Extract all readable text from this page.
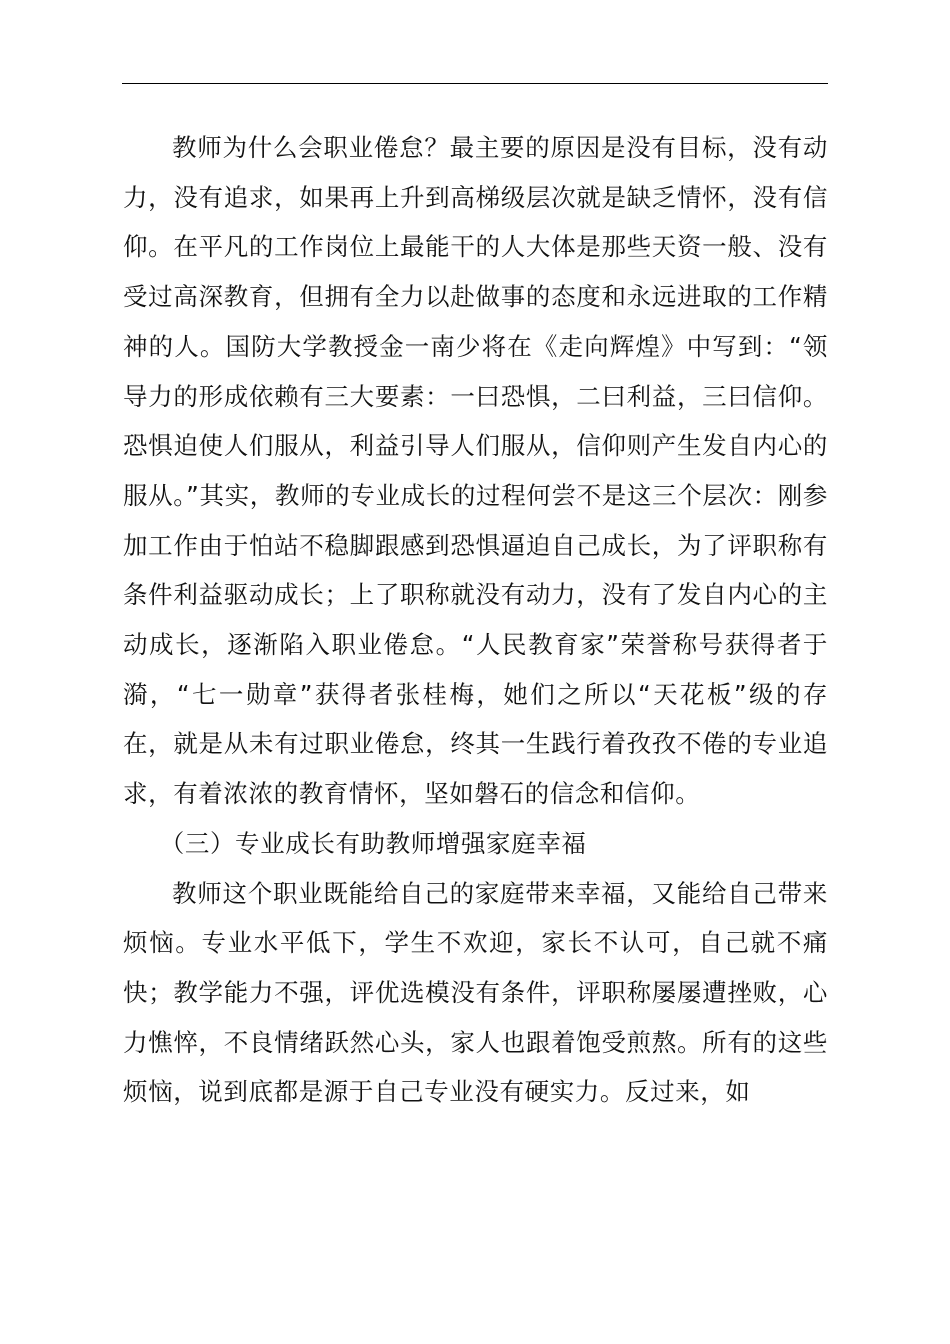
教师为什么会职业倦怠？最主要的原因是没有目标，没有动力，没有追求，如果再上升到高梯级层次就是缺乏情怀，没有信仰。在平凡的工作岗位上最能干的人大体是那些天资一般、没有受过高深教育，但拥有全力以赴做事的态度和永远进取的工作精神的人。国防大学教授金一南少将在《走向辉煌》中写到：“领导力的形成依赖有三大要素：一曰恐惧，二曰利益，三曰信仰。恐惧迫使人们服从，利益引导人们服从，信仰则产生发自内心的服从。”其实，教师的专业成长的过程何尝不是这三个层次：刚参加工作由于怕站不稳脚跟感到恐惧逼迫自己成长，为了评职称有条件利益驱动成长；上了职称就没有动力，没有了发自内心的主动成长，逐渐陷入职业倦怠。“人民教育家”荣誉称号获得者于漪，“七一勋章”获得者张桂梅，她们之所以“天花板”级的存在，就是从未有过职业倦怠，终其一生践行着孜孜不倦的专业追求，有着浓浓的教育情怀，坚如磐石的信念和信仰。

（三）专业成长有助教师增强家庭幸福

教师这个职业既能给自己的家庭带来幸福，又能给自己带来烦恼。专业水平低下，学生不欢迎，家长不认可，自己就不痛快；教学能力不强，评优选模没有条件，评职称屡屡遭挫败，心力憔悴，不良情绪跃然心头，家人也跟着饱受煎熬。所有的这些烦恼，说到底都是源于自己专业没有硬实力。反过来，如
